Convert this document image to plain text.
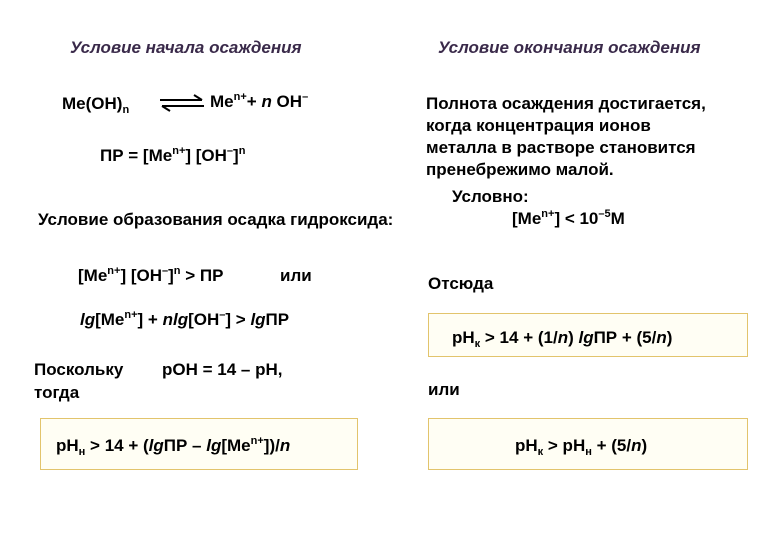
Условие начала осаждения	Условие окончания осаждения
$Me(OH)_n$ ⇌ $Me^{n+}+ n$ OH–
ПР = $[Me^{n+}]$ $[OH^-]^n$
Полнота осаждения достигается,
когда концентрация ионов
металла в растворе становится
пренебрежимо малой.
Условно:
Условие образования осадка гидроксида:	$[Me^{n+}] < 10^{-5}M$
$[Me^{n+}] [OH^-]^n$ > ПР	или	Отсюда
$\lg[Me^{n+}] + nlg[OH^-] > \lg ПР$
$pH_к > 14 + (1/n) \lg ПР + (5/n)$
Поскольку
тогда
pOH = 14 – pH,
или
$pH_н > 14 + (\lg ПР - \lg[Me^{n+}])/n$	$pH_к > pH_н + (5/n)$
